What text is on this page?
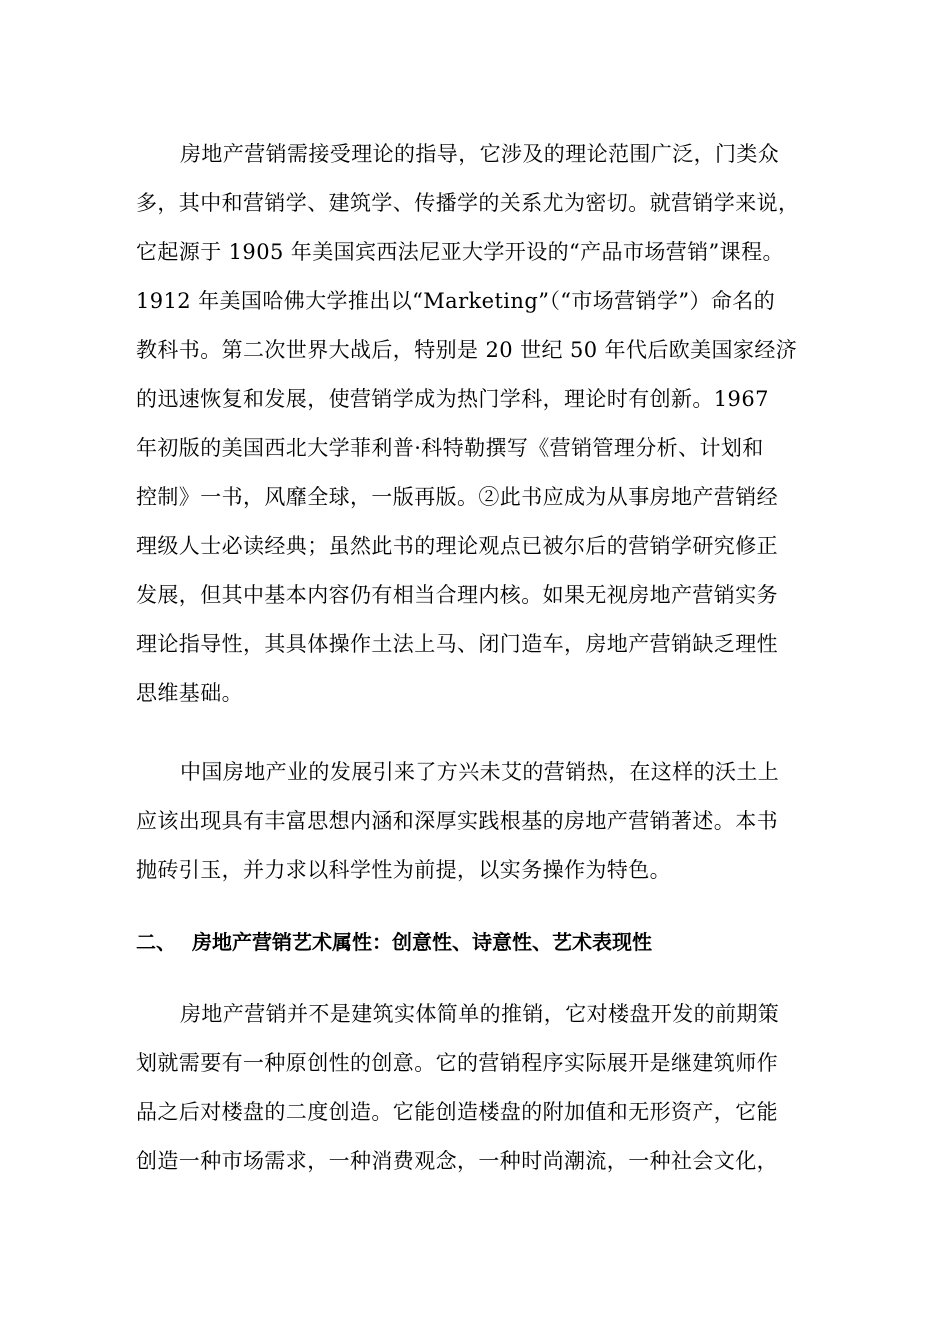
房地产营销需接受理论的指导，它涉及的理论范围广泛，门类众
多，其中和营销学、建筑学、传播学的关系尤为密切。就营销学来说，
它起源于 1905 年美国宾西法尼亚大学开设的“产品市场营销”课程。
1912 年美国哈佛大学推出以“Marketing”（“市场营销学”）命名的
教科书。第二次世界大战后，特别是 20 世纪 50 年代后欧美国家经济
的迅速恢复和发展，使营销学成为热门学科，理论时有创新。1967
年初版的美国西北大学菲利普·科特勒撰写《营销管理分析、计划和
控制》一书，风靡全球，一版再版。②此书应成为从事房地产营销经
理级人士必读经典；虽然此书的理论观点已被尔后的营销学研究修正
发展，但其中基本内容仍有相当合理内核。如果无视房地产营销实务
理论指导性，其具体操作土法上马、闭门造车，房地产营销缺乏理性
思维基础。
中国房地产业的发展引来了方兴未艾的营销热，在这样的沃土上
应该出现具有丰富思想内涵和深厚实践根基的房地产营销著述。本书
抛砖引玉，并力求以科学性为前提，以实务操作为特色。
二、 房地产营销艺术属性：创意性、诗意性、艺术表现性
房地产营销并不是建筑实体简单的推销，它对楼盘开发的前期策
划就需要有一种原创性的创意。它的营销程序实际展开是继建筑师作
品之后对楼盘的二度创造。它能创造楼盘的附加值和无形资产，它能
创造一种市场需求，一种消费观念，一种时尚潮流，一种社会文化，
